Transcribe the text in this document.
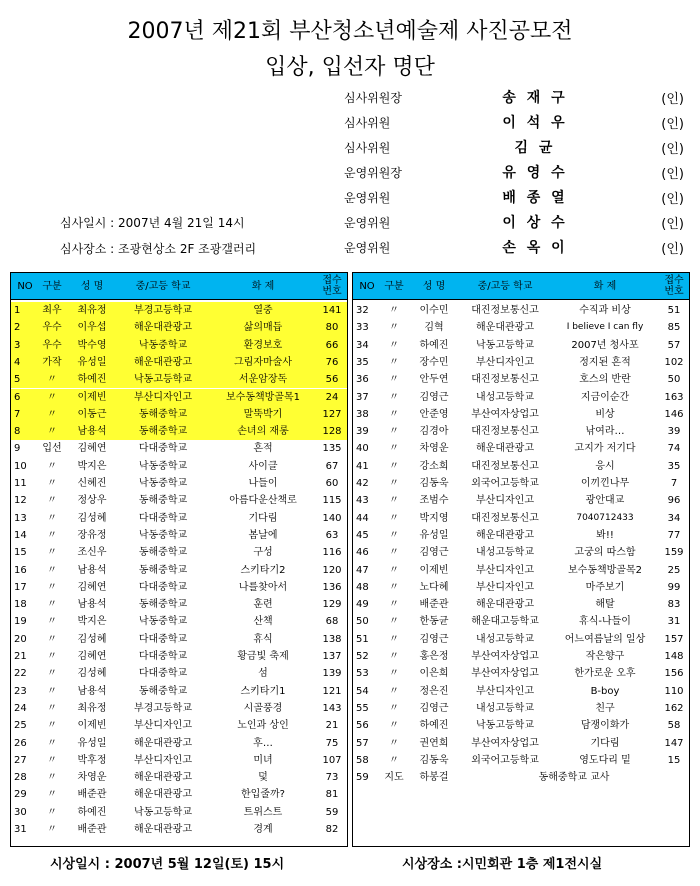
2007년 제21회 부산청소년예술제 사진공모전
입상, 입선자 명단
심사위원장	송 재 구	(인)
심사위원	이 석 우	(인)
심사위원	김 균	(인)
운영위원장	유 영 수	(인)
운영위원	배 종 열	(인)
운영위원	이 상 수	(인)
운영위원	손 옥 이	(인)
심사일시 : 2007년 4월 21일 14시
심사장소 : 조광현상소 2F 조광갤러리
NO 구분	성 명	중/고등 학교	화 제	접수
번호
1	최우	최유정	부경고등학교	열중	141
2	우수	이우섭	해운대관광고	삶의매듭	80
3	우수	박수영	낙동중학교	환경보호	66
4	가작	유성일	해운대관광고	그림자마술사	76
5	〃	하예진	낙동고등학교	서운암장독	56
6	〃	이제빈	부산디자인고	보수동책방골목1	24
7	〃	이동근	동해중학교	말뚝박기	127
8	〃	남용석	동해중학교	손녀의 재롱	128
9	입선	김혜연	다대중학교	흔적	135
10	〃	박지은	낙동중학교	사이클	67
11	〃	신혜진	낙동중학교	나들이	60
12	〃	정상우	동해중학교	아름다운산책로	115
13	〃	김성혜	다대중학교	기다림	140
14	〃	장유정	낙동중학교	봄날에	63
15	〃	조신우	동해중학교	구성	116
16	〃	남용석	동해중학교	스키타기2	120
17	〃	김혜연	다대중학교	나를찾아서	136
18	〃	남용석	동해중학교	훈련	129
19	〃	박지은	낙동중학교	산책	68
20	〃	김성혜	다대중학교	휴식	138
21	〃	김혜연	다대중학교	황금빛 축제	137
22	〃	김성혜	다대중학교	섬	139
23	〃	남용석	동해중학교	스키타기1	121
24	〃	최유정	부경고등학교	시골풍경	143
25	〃	이제빈	부산디자인고	노인과 상인	21
26	〃	유성일	해운대관광고	후…	75
27	〃	박후정	부산디자인고	미녀	107
28	〃	차영운	해운대관광고	덫	73
29	〃	배준관	해운대관광고	한입줄까?	81
30	〃	하예진	낙동고등학교	트위스트	59
31	〃	배준관	해운대관광고	경계	82
NO 구분	성 명	중/고등 학교	화 제	접수
번호
32	〃	이수민	대진정보통신고	수직과 비상	51
33	〃	김혁	해운대관광고	I believe I can fly	85
34	〃	하예진	낙동고등학교	2007년 청사포	57
35	〃	장수민	부산디자인고	정지된 흔적	102
36	〃	안두연	대진정보통신고	호스의 반란	50
37	〃	김영근	내성고등학교	지금이순간	163
38	〃	안준영	부산여자상업고	비상	146
39	〃	김경아	대진정보통신고	낚여라…	39
40	〃	차영운	해운대관광고	고지가 저기다	74
41	〃	강소희	대진정보통신고	응시	35
42	〃	김동욱	외국어고등학교	이끼낀나무	7
43	〃	조범수	부산디자인고	광안대교	96
44	〃	박지영	대진정보통신고	7040712433	34
45	〃	유성일	해운대관광고	봐!!	77
46	〃	김영근	내성고등학교	고궁의 따스함	159
47	〃	이제빈	부산디자인고	보수동책방골목2	25
48	〃	노다혜	부산디자인고	마주보기	99
49	〃	배준관	해운대관광고	해탈	83
50	〃	한동균	해운대고등학교	휴식-나들이	31
51	〃	김영근	내성고등학교	어느여름날의 일상	157
52	〃	홍은정	부산여자상업고	작은향구	148
53	〃	이은희	부산여자상업고	한가로운 오후	156
54	〃	정은진	부산디자인고	B-boy	110
55	〃	김영근	내성고등학교	친구	162
56	〃	하예진	낙동고등학교	담쟁이화가	58
57	〃	권연희	부산여자상업고	기다림	147
58	〃	김동욱	외국어고등학교	영도다리 밑	15
59	지도	하봉걸	동해중학교 교사
시상일시 : 2007년 5월 12일(토) 15시	시상장소 :시민회관 1층 제1전시실
